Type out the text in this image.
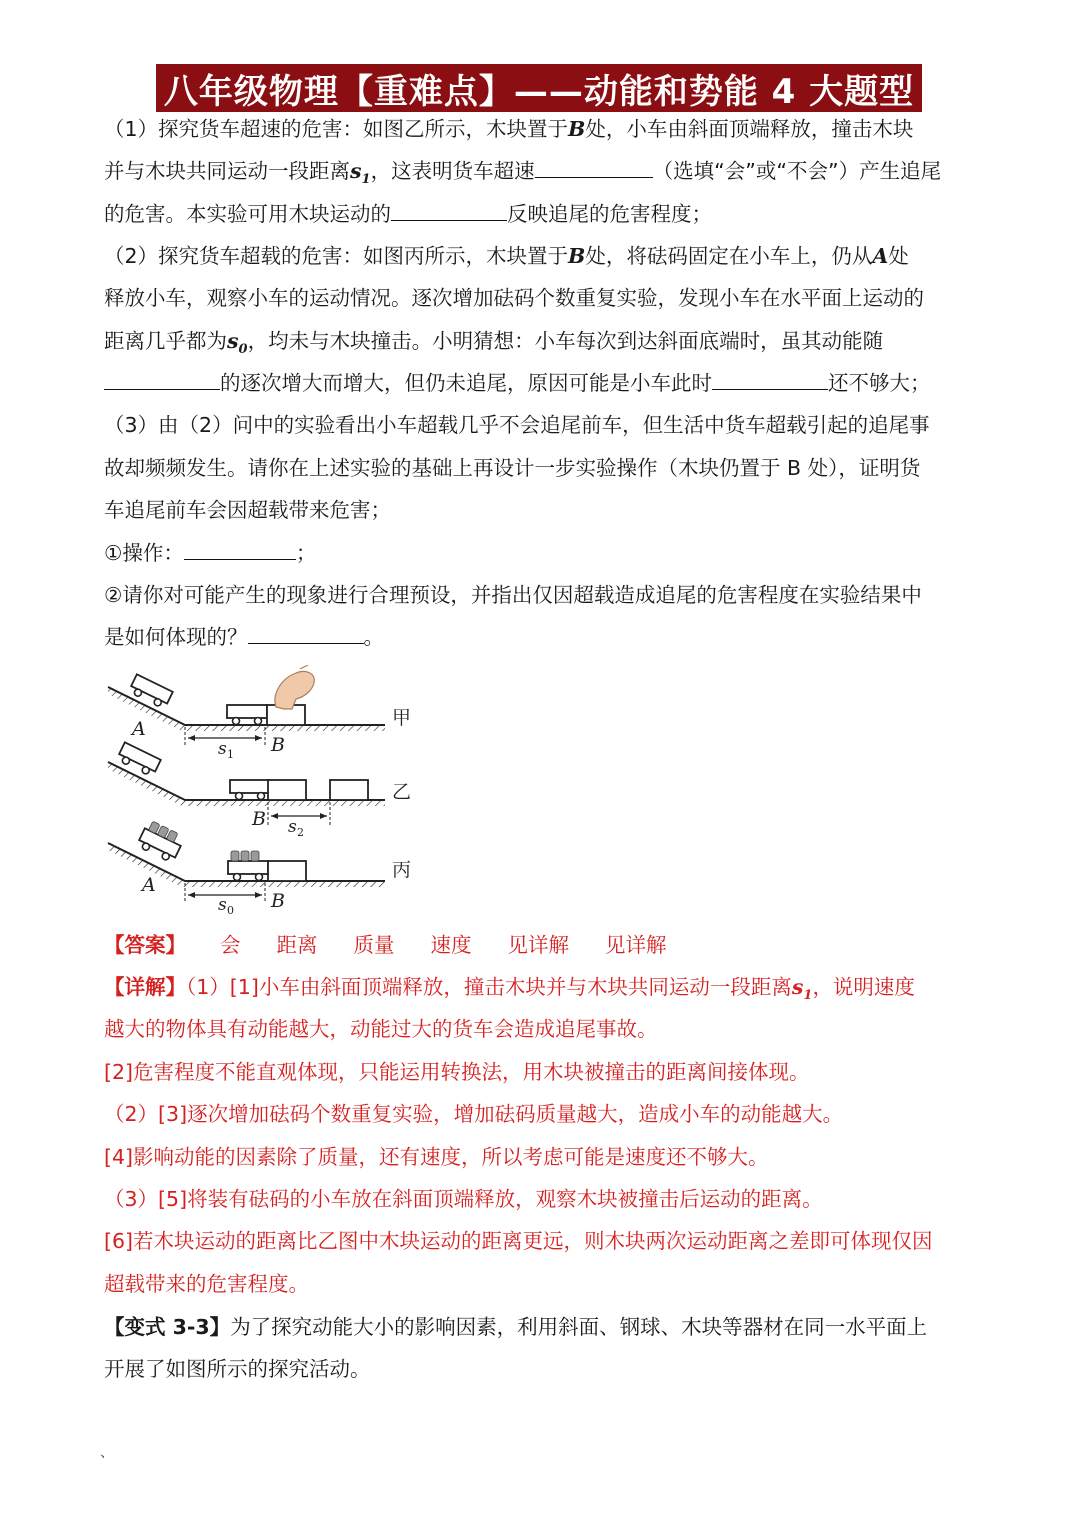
八年级物理【重难点】——动能和势能 4 大题型
（1）探究货车超速的危害：如图乙所示，木块置于B处，小车由斜面顶端释放，撞击木块
并与木块共同运动一段距离$s_1$，这表明货车超速	（选填“会”或“不会”）产生追尾
的危害。本实验可用木块运动的	反映追尾的危害程度；
（2）探究货车超载的危害：如图丙所示，木块置于B处，将砝码固定在小车上，仍从A处
释放小车，观察小车的运动情况。逐次增加砝码个数重复实验，发现小车在水平面上运动的
距离几乎都为$s_0$，均未与木块撞击。小明猜想：小车每次到达斜面底端时，虽其动能随
的逐次增大而增大，但仍未追尾，原因可能是小车此时	还不够大；
（3）由（2）问中的实验看出小车超载几乎不会追尾前车，但生活中货车超载引起的追尾事
故却频频发生。请你在上述实验的基础上再设计一步实验操作（木块仍置于 B 处），证明货
车追尾前车会因超载带来危害；
①操作：	；
②请你对可能产生的现象进行合理预设，并指出仅因超载造成追尾的危害程度在实验结果中
是如何体现的？	。
A
B
s 1
甲
B s 2
乙
A
B
s 0
丙
【答案】 会 距离 质量 速度 见详解 见详解
【详解】（1）[1]小车由斜面顶端释放，撞击木块并与木块共同运动一段距离$s_1$，说明速度
越大的物体具有动能越大，动能过大的货车会造成追尾事故。
[2]危害程度不能直观体现，只能运用转换法，用木块被撞击的距离间接体现。
（2）[3]逐次增加砝码个数重复实验，增加砝码质量越大，造成小车的动能越大。
[4]影响动能的因素除了质量，还有速度，所以考虑可能是速度还不够大。
（3）[5]将装有砝码的小车放在斜面顶端释放，观察木块被撞击后运动的距离。
[6]若木块运动的距离比乙图中木块运动的距离更远，则木块两次运动距离之差即可体现仅因
超载带来的危害程度。
【变式 3-3】为了探究动能大小的影响因素，利用斜面、钢球、木块等器材在同一水平面上
开展了如图所示的探究活动。
、
